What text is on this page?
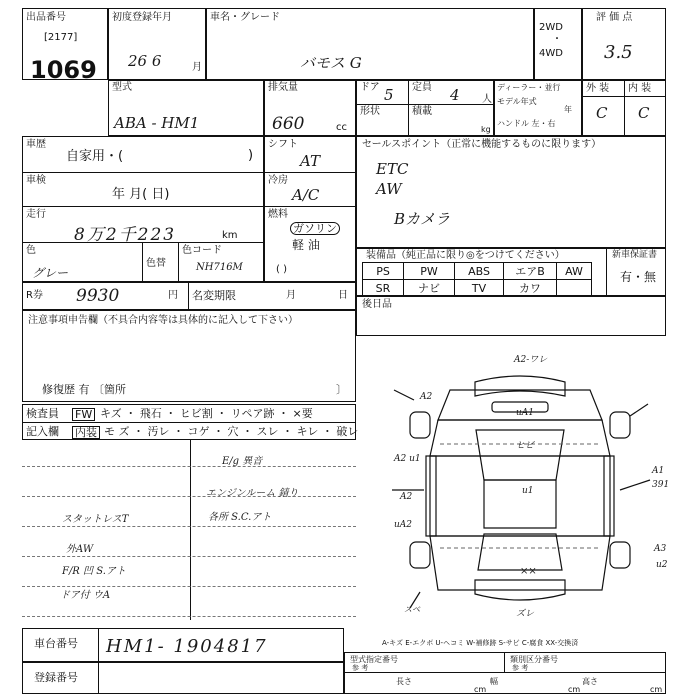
出品番号
[2177]
1069
初度登録年月
26 6	月
車名・グレード
バモス G
2WD
・
4WD
評 価 点
3.5
型式
ABA - HM1
排気量
660	cc
ドア 5 定員 4 人
形状	積載
kg
ディーラー・並行
モデル年式
年
ハンドル 左・右
外 装 内 装
C C
車歴
自家用・(	)
車検
年 月( 日)
走行
8万2千223	km
色
グレー
色替
色コード
NH716M
シフト
AT
冷房
A/C
燃料
ガソリン
軽 油
( )
セールスポイント（正常に機能するものに限ります）
ETC
AW
Bカメラ
装備品（純正品に限り◎をつけてください）
PS	PW	ABS	エアB	AW
SR	ナビ	TV	カワ	
新車保証書
有・無
R券 9930	円 名変期限	月	日
後日品
注意事項申告欄（不具合内容等は具体的に記入して下さい）
修復歴 有 〔箇所	〕
検査員
記入欄
FW キズ ・ 飛石 ・ ヒビ割 ・ リペア跡 ・ ×要
内装 モ ズ ・ 汚レ ・ コゲ ・ 穴 ・ スレ ・ キレ ・ 破レ
E/g 異音
エンジンルーム 錆り
各所 S.C.アト
スタットレスT
外AW
F/R 凹 S.アト
ドア付 ウA
A2-ワレ
A2
uA1
ヒビ
u1
A2 u1
A2
uA2
A1
391
A3
u2
××
スベ	ズレ
A-キズ E-エクボ U-ヘコミ W-補修跡 S-サビ C-腐食 XX-交換済
車台番号 HM1- 1904817
登録番号
型式指定番号
参 考
類別区分番号
参 考
長さ
cm
幅
cm
高さ
cm
